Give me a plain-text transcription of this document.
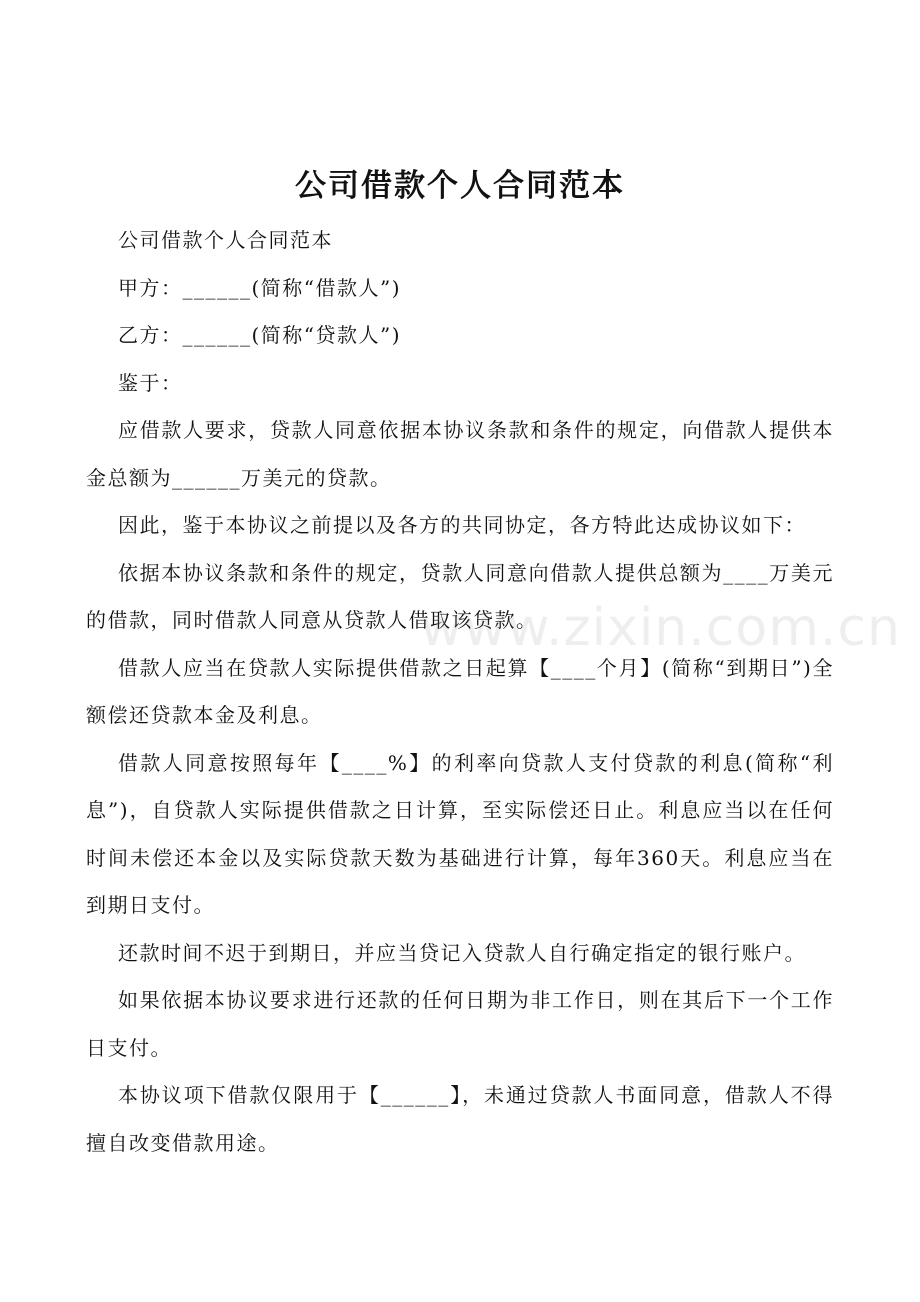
公司借款个人合同范本

公司借款个人合同范本

甲方：______(简称“借款人”)

乙方：______(简称“贷款人”)

鉴于：

应借款人要求，贷款人同意依据本协议条款和条件的规定，向借款人提供本金总额为______万美元的贷款。

因此，鉴于本协议之前提以及各方的共同协定，各方特此达成协议如下：

依据本协议条款和条件的规定，贷款人同意向借款人提供总额为____万美元的借款，同时借款人同意从贷款人借取该贷款。

借款人应当在贷款人实际提供借款之日起算【____个月】(简称“到期日”)全额偿还贷款本金及利息。

借款人同意按照每年【____%】的利率向贷款人支付贷款的利息(简称“利息”)，自贷款人实际提供借款之日计算，至实际偿还日止。利息应当以在任何时间未偿还本金以及实际贷款天数为基础进行计算，每年360天。利息应当在到期日支付。

还款时间不迟于到期日，并应当贷记入贷款人自行确定指定的银行账户。

如果依据本协议要求进行还款的任何日期为非工作日，则在其后下一个工作日支付。

本协议项下借款仅限用于【______】，未通过贷款人书面同意，借款人不得擅自改变借款用途。

www.zixin.com.cn
